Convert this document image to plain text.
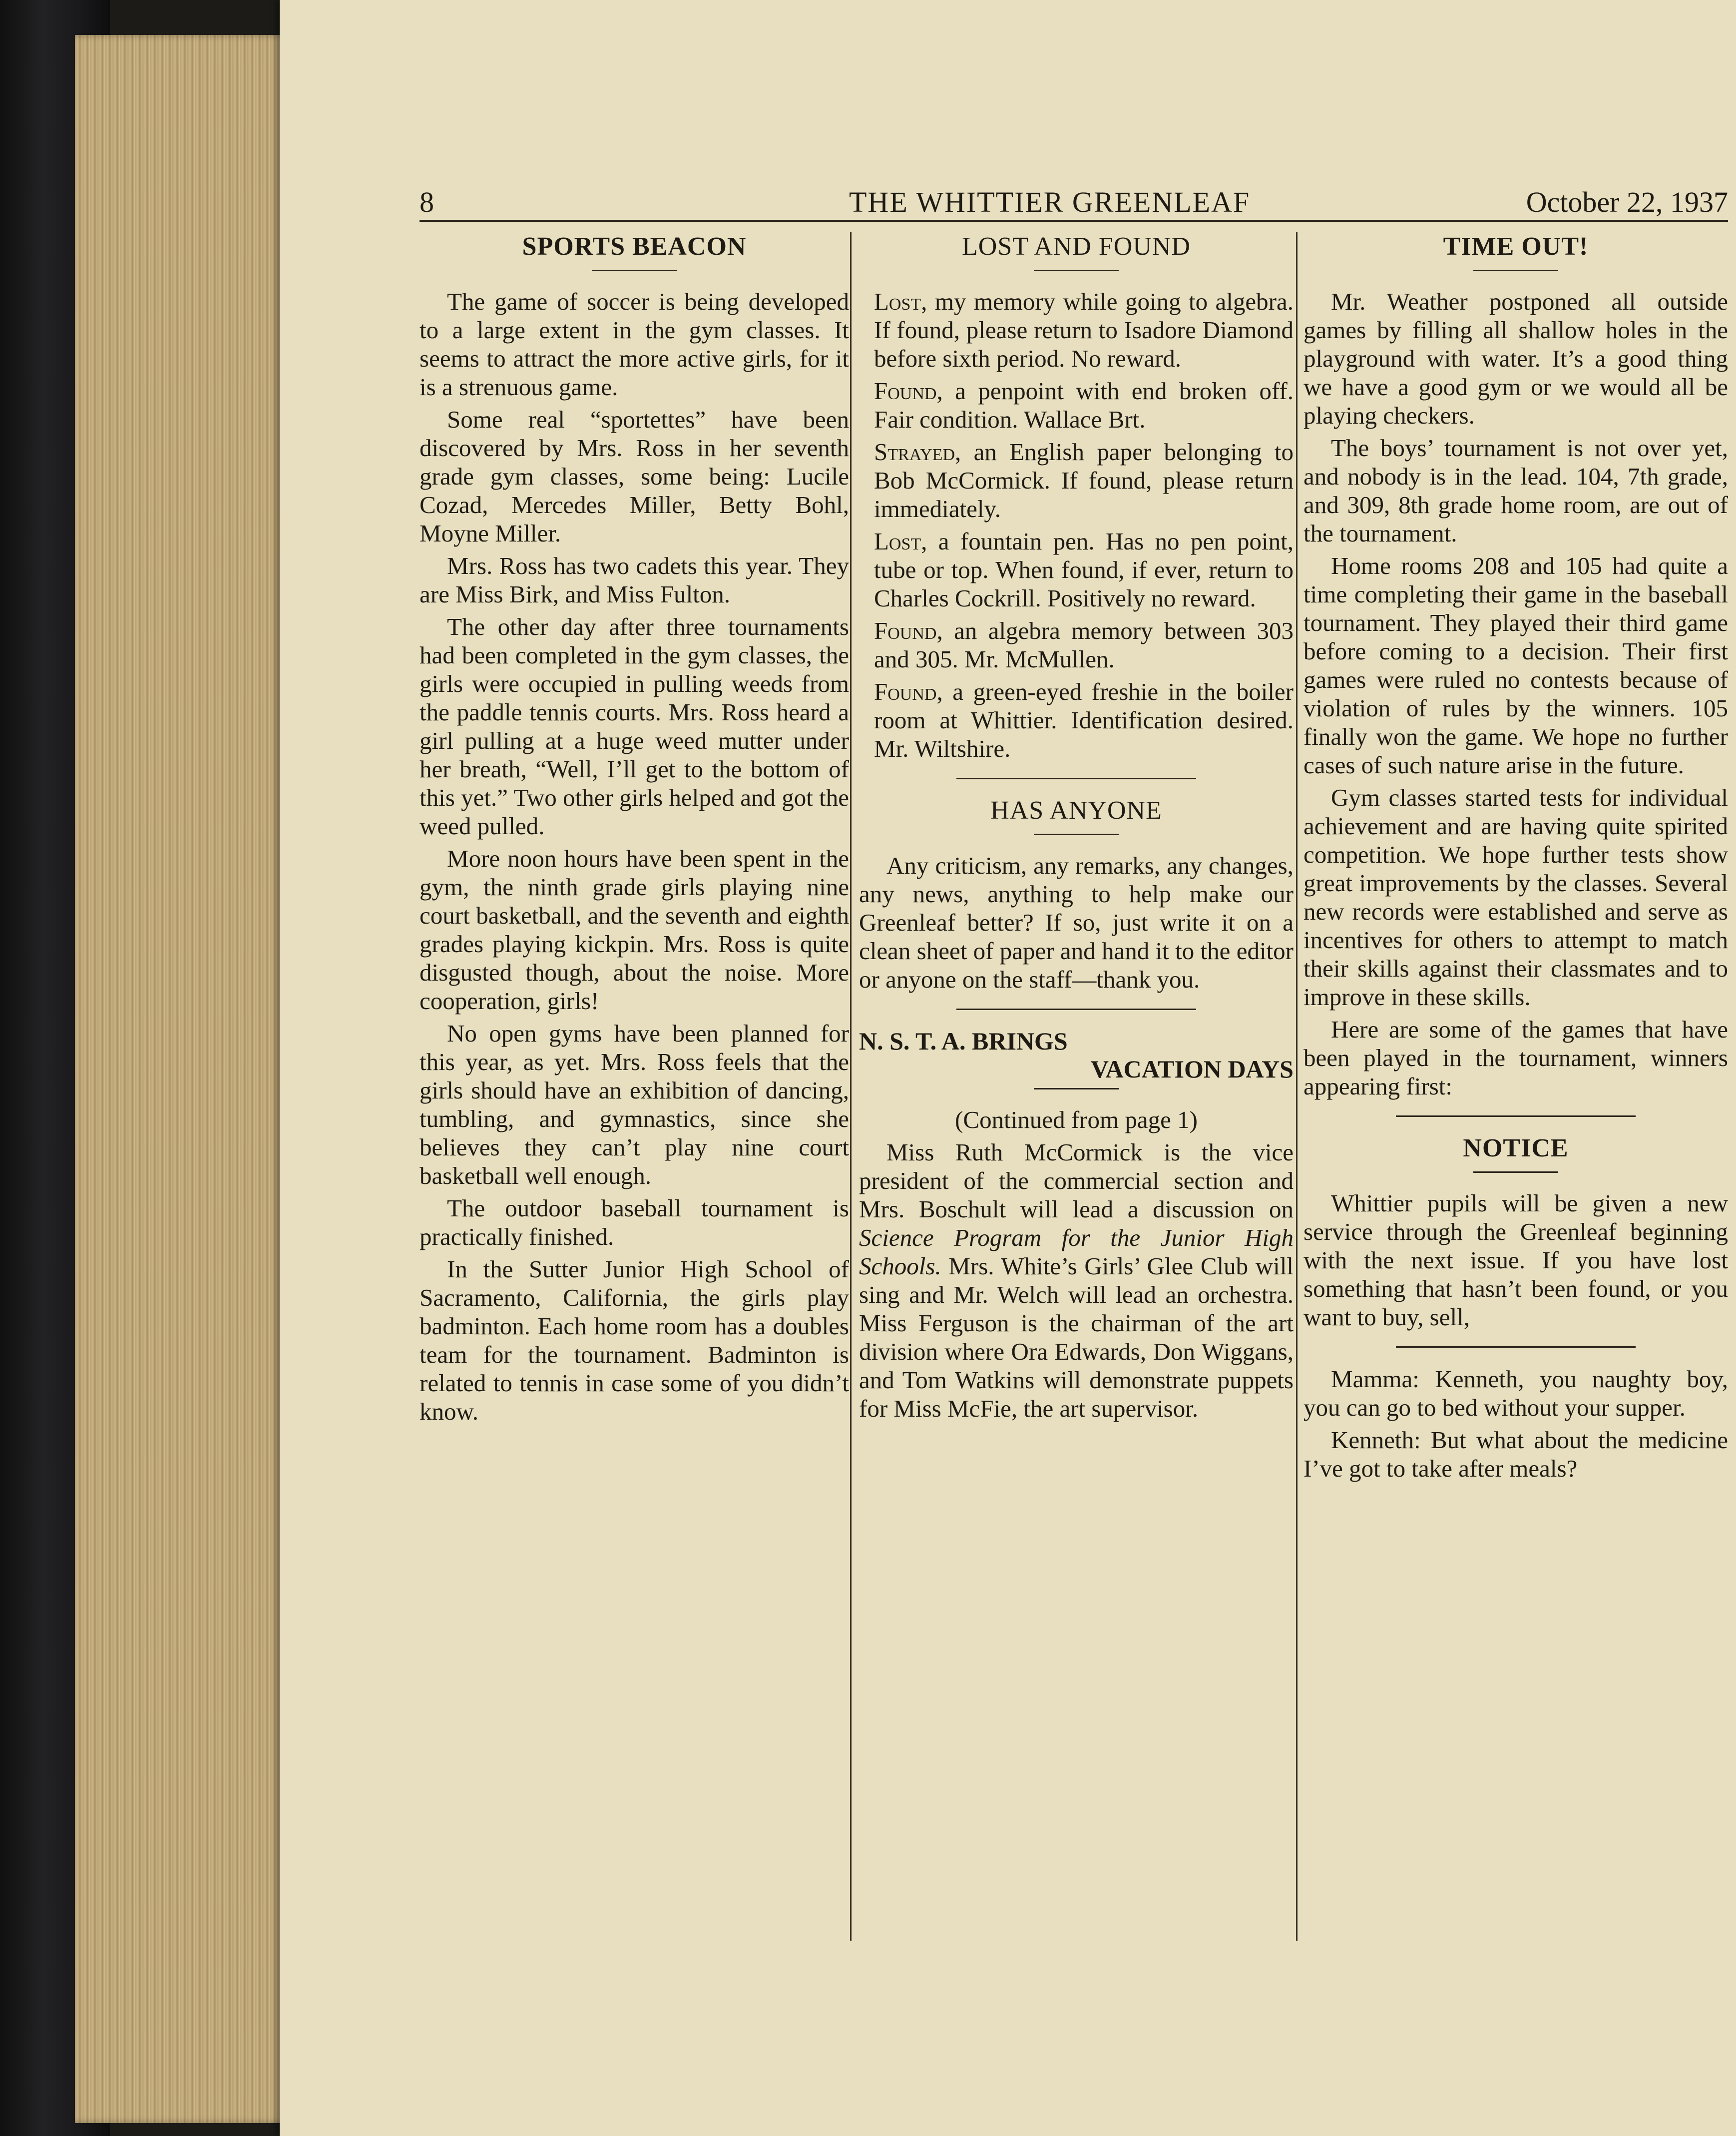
8	THE WHITTIER GREENLEAF	October 22, 1937
SPORTS BEACON

The game of soccer is being developed to a large extent in the gym classes. It seems to attract the more active girls, for it is a strenuous game.

Some real “sportettes” have been discovered by Mrs. Ross in her seventh grade gym classes, some being: Lucile Cozad, Mercedes Miller, Betty Bohl, Moyne Miller.

Mrs. Ross has two cadets this year. They are Miss Birk, and Miss Fulton.

The other day after three tournaments had been completed in the gym classes, the girls were occupied in pulling weeds from the paddle tennis courts. Mrs. Ross heard a girl pulling at a huge weed mutter under her breath, “Well, I’ll get to the bottom of this yet.” Two other girls helped and got the weed pulled.

More noon hours have been spent in the gym, the ninth grade girls playing nine court basketball, and the seventh and eighth grades playing kickpin. Mrs. Ross is quite disgusted though, about the noise. More cooperation, girls!

No open gyms have been planned for this year, as yet. Mrs. Ross feels that the girls should have an exhibition of dancing, tumbling, and gymnastics, since she believes they can’t play nine court basketball well enough.

The outdoor baseball tournament is practically finished.

In the Sutter Junior High School of Sacramento, California, the girls play badminton. Each home room has a doubles team for the tournament. Badminton is related to tennis in case some of you didn’t know.

LOST AND FOUND

Lost, my memory while going to algebra. If found, please return to Isadore Diamond before sixth period. No reward.

Found, a penpoint with end broken off. Fair condition. Wallace Brt.

Strayed, an English paper belonging to Bob McCormick. If found, please return immediately.

Lost, a fountain pen. Has no pen point, tube or top. When found, if ever, return to Charles Cockrill. Positively no reward.

Found, an algebra memory between 303 and 305. Mr. McMullen.

Found, a green-eyed freshie in the boiler room at Whittier. Identification desired. Mr. Wiltshire.

HAS ANYONE

Any criticism, any remarks, any changes, any news, anything to help make our Greenleaf better? If so, just write it on a clean sheet of paper and hand it to the editor or anyone on the staff—thank you.

N. S. T. A. BRINGS
VACATION DAYS

(Continued from page 1)

Miss Ruth McCormick is the vice president of the commercial section and Mrs. Boschult will lead a discussion on Science Program for the Junior High Schools. Mrs. White’s Girls’ Glee Club will sing and Mr. Welch will lead an orchestra. Miss Ferguson is the chairman of the art division where Ora Edwards, Don Wiggans, and Tom Watkins will demonstrate puppets for Miss McFie, the art supervisor.

TIME OUT!

Mr. Weather postponed all outside games by filling all shallow holes in the playground with water. It’s a good thing we have a good gym or we would all be playing checkers.

The boys’ tournament is not over yet, and nobody is in the lead. 104, 7th grade, and 309, 8th grade home room, are out of the tournament.

Home rooms 208 and 105 had quite a time completing their game in the baseball tournament. They played their third game before coming to a decision. Their first games were ruled no contests because of violation of rules by the winners. 105 finally won the game. We hope no further cases of such nature arise in the future.

Gym classes started tests for individual achievement and are having quite spirited competition. We hope further tests show great improvements by the classes. Several new records were established and serve as incentives for others to attempt to match their skills against their classmates and to improve in these skills.

Here are some of the games that have been played in the tournament, winners appearing first:

NOTICE

Whittier pupils will be given a new service through the Greenleaf beginning with the next issue. If you have lost something that hasn’t been found, or you want to buy, sell,

Mamma: Kenneth, you naughty boy, you can go to bed without your supper.

Kenneth: But what about the medicine I’ve got to take after meals?
